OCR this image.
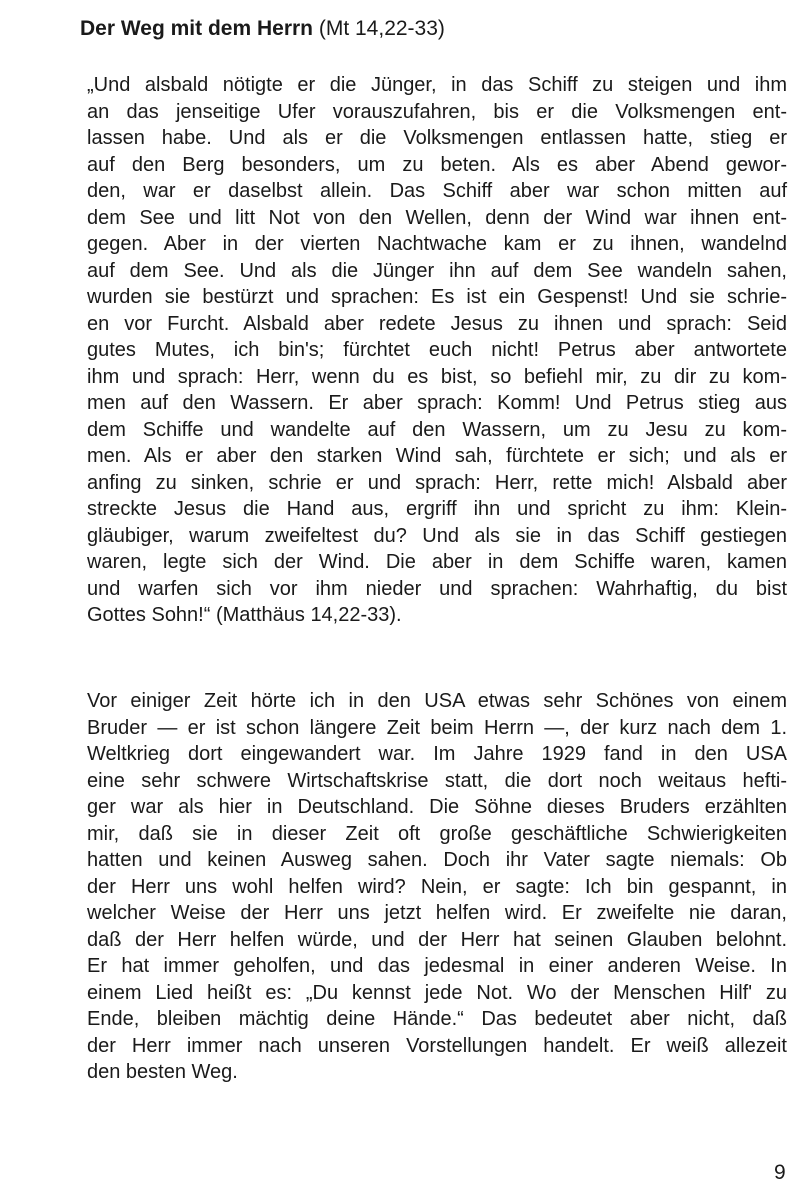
Der Weg mit dem Herrn (Mt 14,22-33)
„Und alsbald nötigte er die Jünger, in das Schiff zu steigen und ihm
an das jenseitige Ufer vorauszufahren, bis er die Volksmengen ent-
lassen habe. Und als er die Volksmengen entlassen hatte, stieg er
auf den Berg besonders, um zu beten. Als es aber Abend gewor-
den, war er daselbst allein. Das Schiff aber war schon mitten auf
dem See und litt Not von den Wellen, denn der Wind war ihnen ent-
gegen. Aber in der vierten Nachtwache kam er zu ihnen, wandelnd
auf dem See. Und als die Jünger ihn auf dem See wandeln sahen,
wurden sie bestürzt und sprachen: Es ist ein Gespenst! Und sie schrie-
en vor Furcht. Alsbald aber redete Jesus zu ihnen und sprach: Seid
gutes Mutes, ich bin's; fürchtet euch nicht! Petrus aber antwortete
ihm und sprach: Herr, wenn du es bist, so befiehl mir, zu dir zu kom-
men auf den Wassern. Er aber sprach: Komm! Und Petrus stieg aus
dem Schiffe und wandelte auf den Wassern, um zu Jesu zu kom-
men. Als er aber den starken Wind sah, fürchtete er sich; und als er
anfing zu sinken, schrie er und sprach: Herr, rette mich! Alsbald aber
streckte Jesus die Hand aus, ergriff ihn und spricht zu ihm: Klein-
gläubiger, warum zweifeltest du? Und als sie in das Schiff gestiegen
waren, legte sich der Wind. Die aber in dem Schiffe waren, kamen
und warfen sich vor ihm nieder und sprachen: Wahrhaftig, du bist
Gottes Sohn!“ (Matthäus 14,22-33).
Vor einiger Zeit hörte ich in den USA etwas sehr Schönes von einem
Bruder — er ist schon längere Zeit beim Herrn —, der kurz nach dem 1.
Weltkrieg dort eingewandert war. Im Jahre 1929 fand in den USA
eine sehr schwere Wirtschaftskrise statt, die dort noch weitaus hefti-
ger war als hier in Deutschland. Die Söhne dieses Bruders erzählten
mir, daß sie in dieser Zeit oft große geschäftliche Schwierigkeiten
hatten und keinen Ausweg sahen. Doch ihr Vater sagte niemals: Ob
der Herr uns wohl helfen wird? Nein, er sagte: Ich bin gespannt, in
welcher Weise der Herr uns jetzt helfen wird. Er zweifelte nie daran,
daß der Herr helfen würde, und der Herr hat seinen Glauben belohnt.
Er hat immer geholfen, und das jedesmal in einer anderen Weise. In
einem Lied heißt es: „Du kennst jede Not. Wo der Menschen Hilf' zu
Ende, bleiben mächtig deine Hände.“ Das bedeutet aber nicht, daß
der Herr immer nach unseren Vorstellungen handelt. Er weiß allezeit
den besten Weg.
9
